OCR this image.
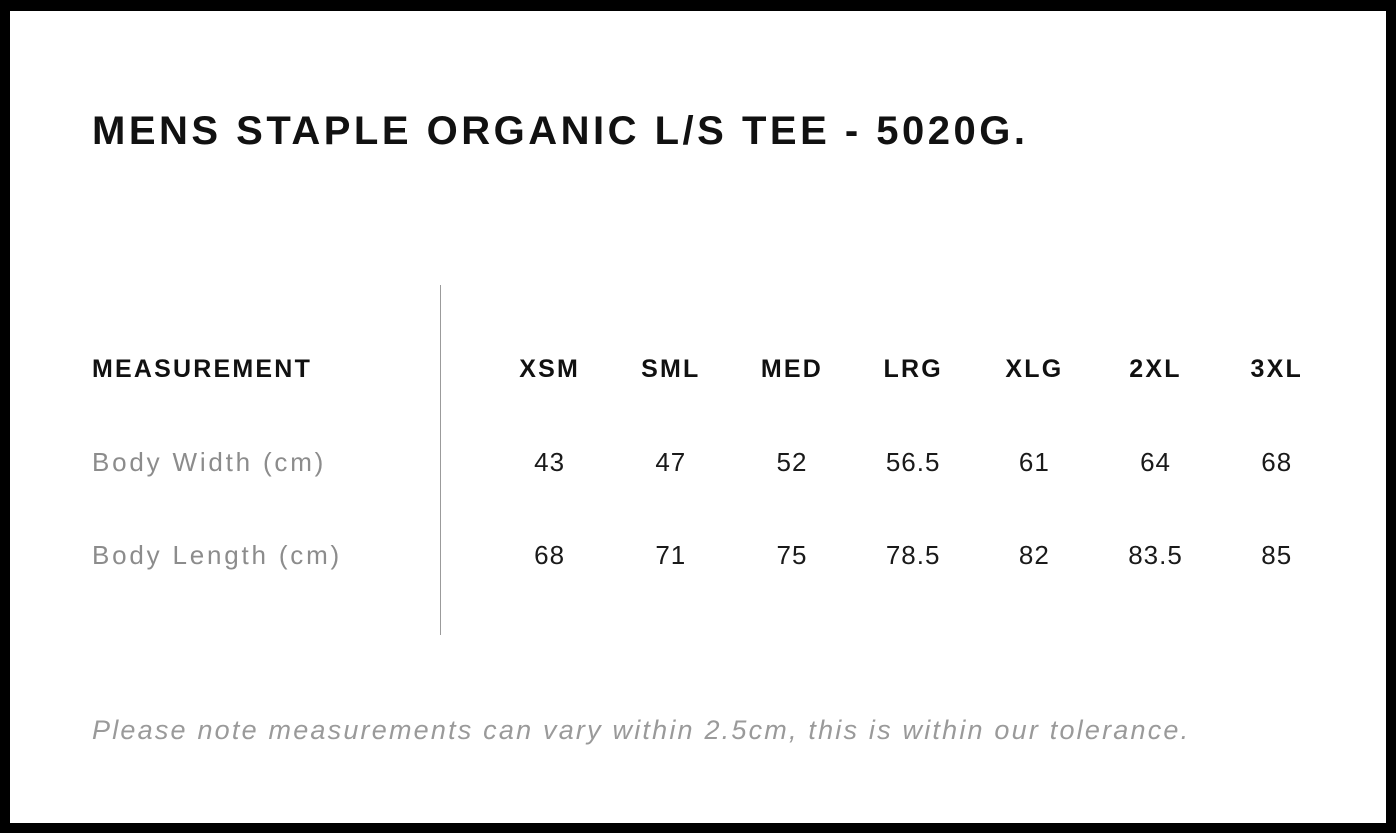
MENS STAPLE ORGANIC L/S TEE - 5020G.
MEASUREMENT	XSM	SML	MED	LRG	XLG	2XL	3XL
Body Width (cm)	43	47	52	56.5	61	64	68
Body Length (cm)	68	71	75	78.5	82	83.5	85

Please note measurements can vary within 2.5cm, this is within our tolerance.
